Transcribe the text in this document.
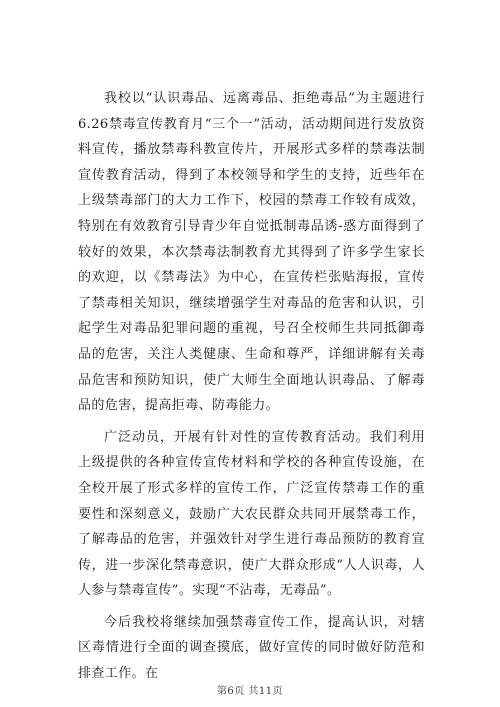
我校以“认识毒品、远离毒品、拒绝毒品”为主题进行6.26禁毒宣传教育月“三个一”活动，活动期间进行发放资料宣传，播放禁毒科教宣传片，开展形式多样的禁毒法制宣传教育活动，得到了本校领导和学生的支持，近些年在上级禁毒部门的大力工作下，校园的禁毒工作较有成效，特别在有效教育引导青少年自觉抵制毒品诱-惑方面得到了较好的效果，本次禁毒法制教育尤其得到了许多学生家长的欢迎，以《禁毒法》为中心，在宣传栏张贴海报，宣传了禁毒相关知识，继续增强学生对毒品的危害和认识，引起学生对毒品犯罪问题的重视，号召全校师生共同抵御毒品的危害，关注人类健康、生命和尊严，详细讲解有关毒品危害和预防知识，使广大师生全面地认识毒品、了解毒品的危害，提高拒毒、防毒能力。

广泛动员，开展有针对性的宣传教育活动。我们利用上级提供的各种宣传宣传材料和学校的各种宣传设施，在全校开展了形式多样的宣传工作，广泛宣传禁毒工作的重要性和深刻意义，鼓励广大农民群众共同开展禁毒工作，了解毒品的危害，并强效针对学生进行毒品预防的教育宣传，进一步深化禁毒意识，使广大群众形成“人人识毒，人人参与禁毒宣传”。实现“不沾毒，无毒品”。

今后我校将继续加强禁毒宣传工作，提高认识，对辖区毒情进行全面的调查摸底，做好宣传的同时做好防范和排查工作。在

第6页 共11页
